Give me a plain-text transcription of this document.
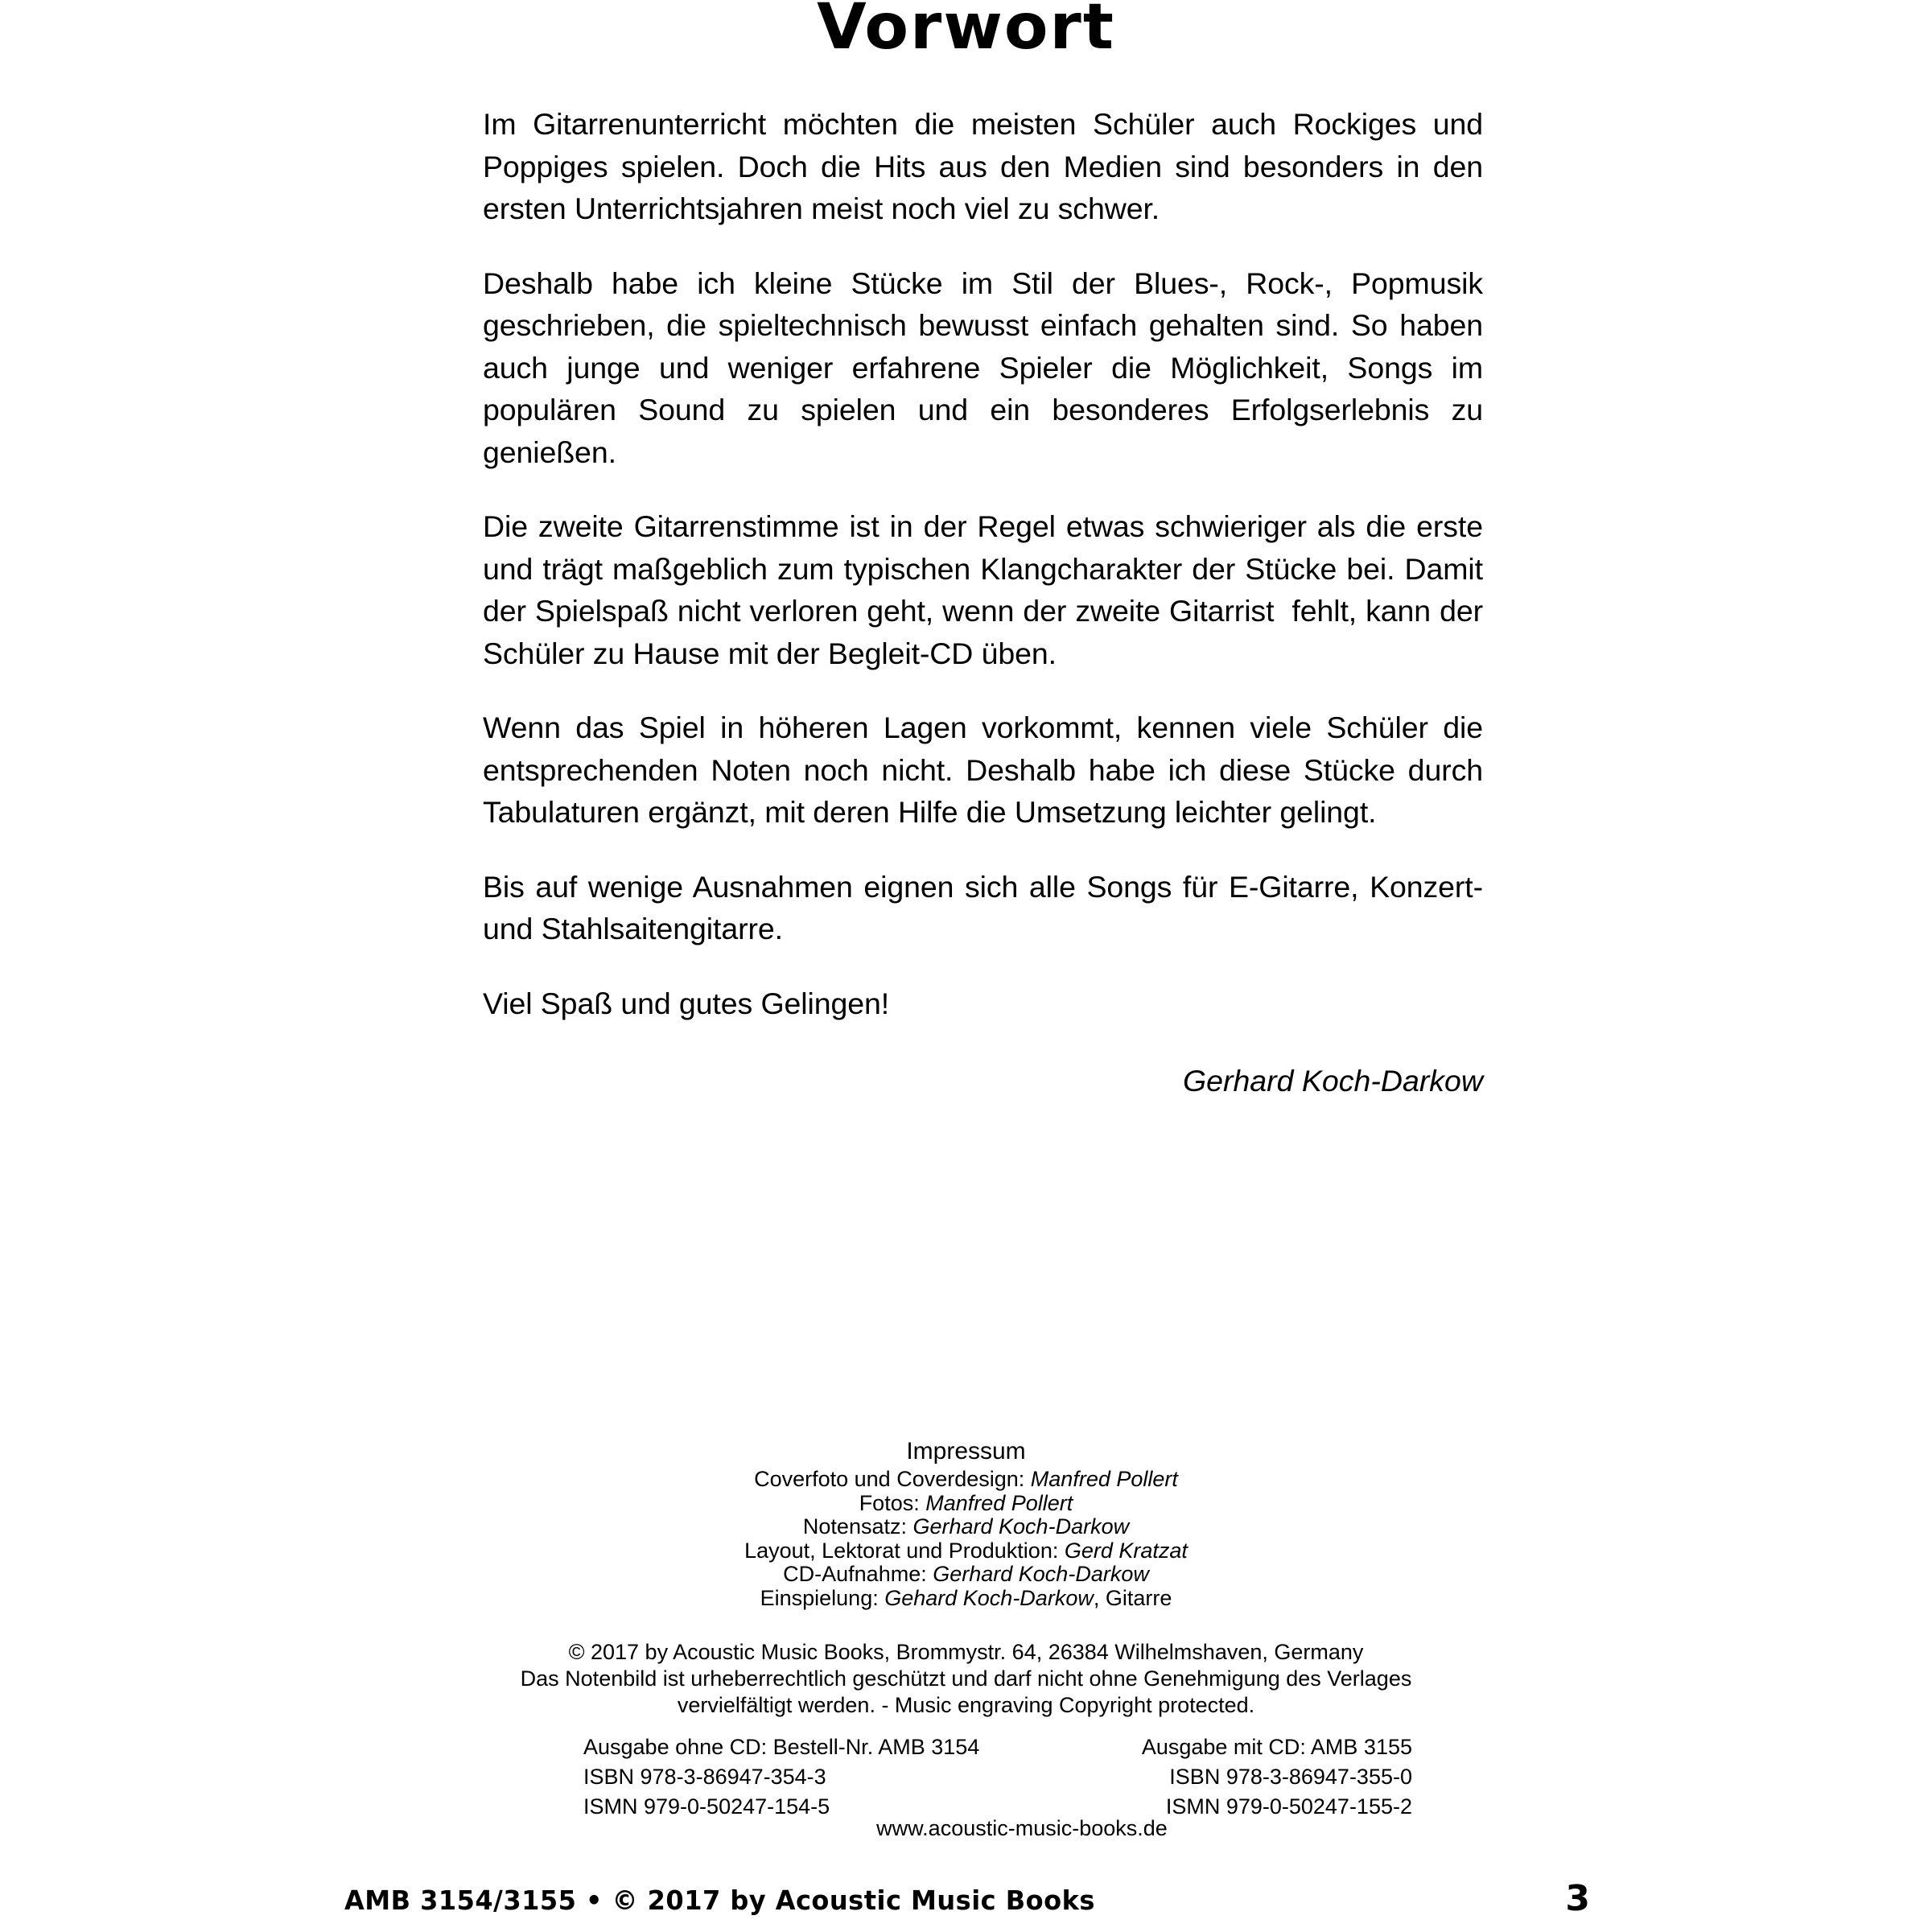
Vorwort

Im Gitarrenunterricht möchten die meisten Schüler auch Rockiges und Poppiges spielen. Doch die Hits aus den Medien sind besonders in den ersten Unterrichtsjahren meist noch viel zu schwer.

Deshalb habe ich kleine Stücke im Stil der Blues-, Rock-, Popmusik geschrieben, die spieltechnisch bewusst einfach gehalten sind. So haben auch junge und weniger erfahrene Spieler die Möglichkeit, Songs im populären Sound zu spielen und ein besonderes Erfolgserlebnis zu genießen.

Die zweite Gitarrenstimme ist in der Regel etwas schwieriger als die erste und trägt maßgeblich zum typischen Klangcharakter der Stücke bei. Damit der Spielspaß nicht verloren geht, wenn der zweite Gitarrist  fehlt, kann der Schüler zu Hause mit der Begleit-CD üben.

Wenn das Spiel in höheren Lagen vorkommt, kennen viele Schüler die entsprechenden Noten noch nicht. Deshalb habe ich diese Stücke durch Tabulaturen ergänzt, mit deren Hilfe die Umsetzung leichter gelingt.

Bis auf wenige Ausnahmen eignen sich alle Songs für E-Gitarre, Konzert- und Stahlsaitengitarre.

Viel Spaß und gutes Gelingen!

Gerhard Koch-Darkow
Impressum
Coverfoto und Coverdesign: Manfred Pollert
Fotos: Manfred Pollert
Notensatz: Gerhard Koch-Darkow
Layout, Lektorat und Produktion: Gerd Kratzat
CD-Aufnahme: Gerhard Koch-Darkow
Einspielung: Gehard Koch-Darkow, Gitarre
© 2017 by Acoustic Music Books, Brommystr. 64, 26384 Wilhelmshaven, Germany
Das Notenbild ist urheberrechtlich geschützt und darf nicht ohne Genehmigung des Verlages
vervielfältigt werden. - Music engraving Copyright protected.
Ausgabe ohne CD: Bestell-Nr. AMB 3154	Ausgabe mit CD: AMB 3155
ISBN 978-3-86947-354-3	ISBN 978-3-86947-355-0
ISMN 979-0-50247-154-5	ISMN 979-0-50247-155-2
www.acoustic-music-books.de
AMB 3154/3155 • © 2017 by Acoustic Music Books	3
